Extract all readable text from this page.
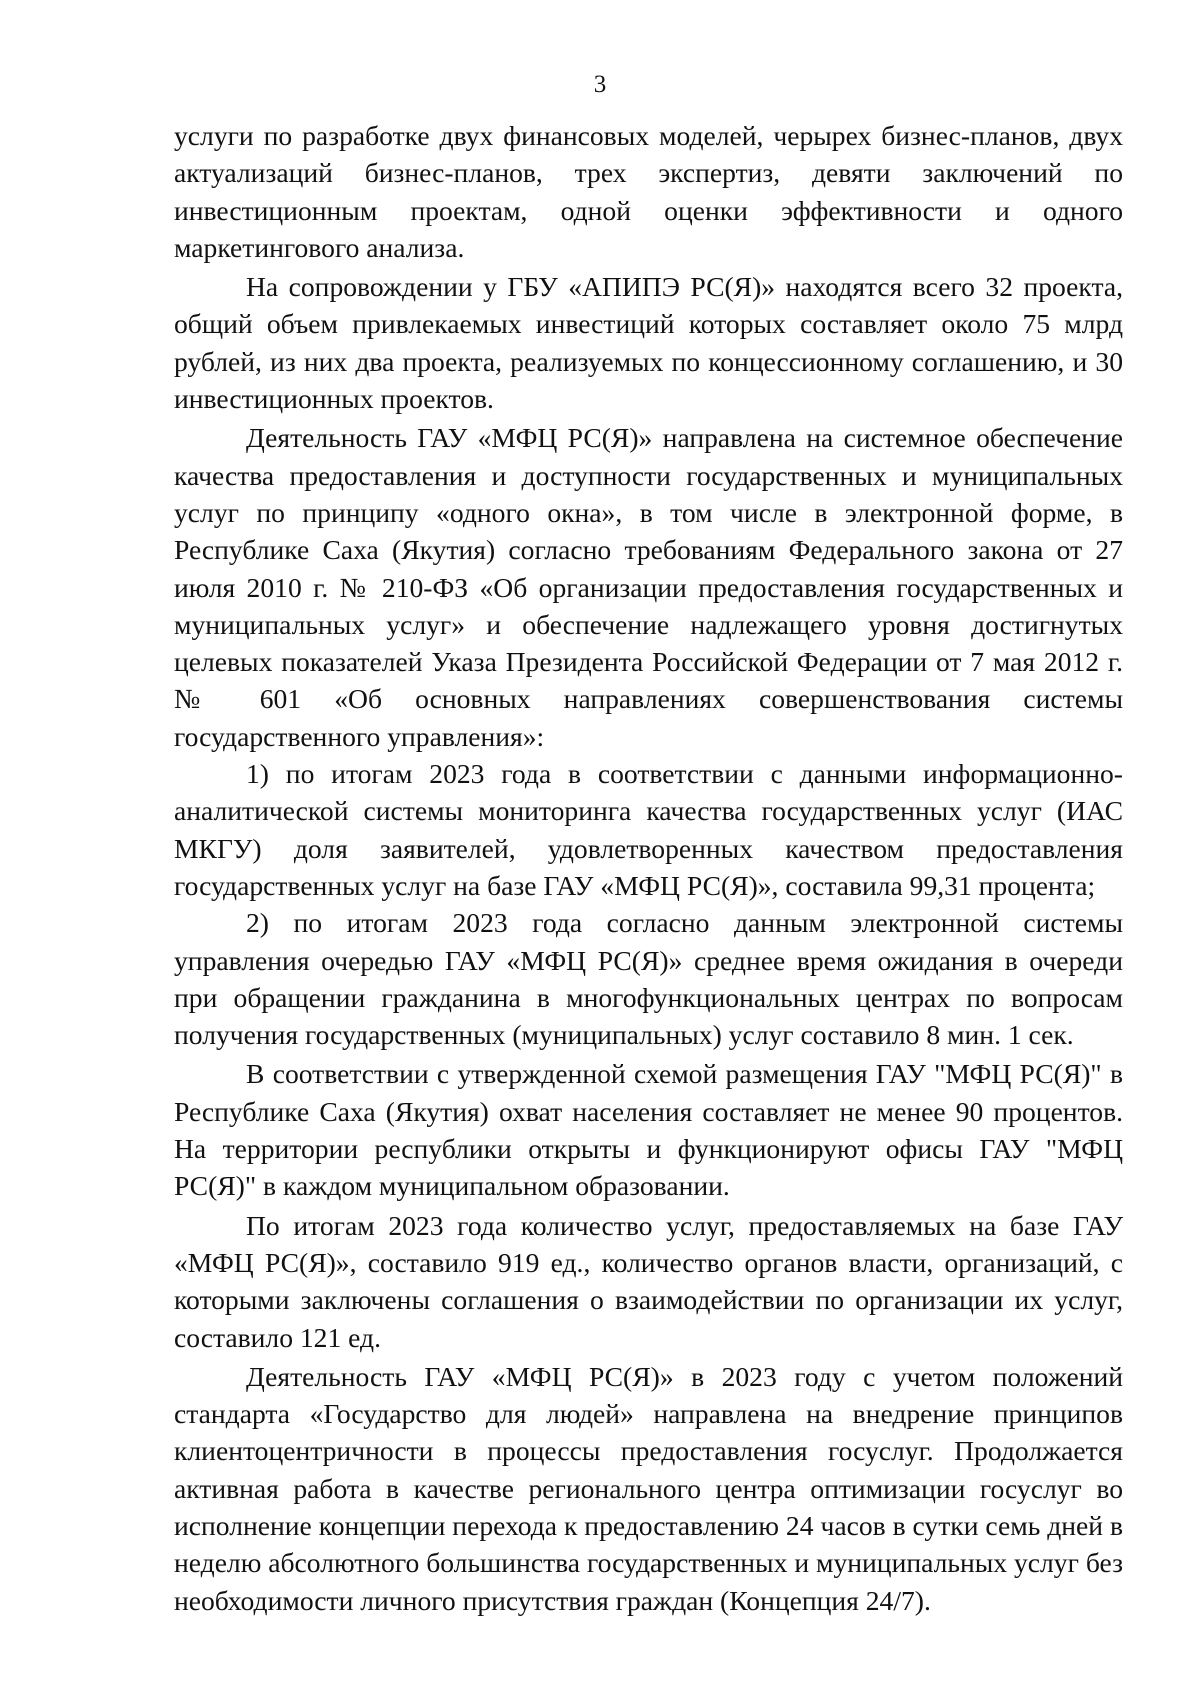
3

услуги по разработке двух финансовых моделей, черырех бизнес-планов, двух актуализаций бизнес-планов, трех экспертиз, девяти заключений по инвестиционным проектам, одной оценки эффективности и одного маркетингового анализа.

На сопровождении у ГБУ «АПИПЭ РС(Я)» находятся всего 32 проекта, общий объем привлекаемых инвестиций которых составляет около 75 млрд рублей, из них два проекта, реализуемых по концессионному соглашению, и 30 инвестиционных проектов.

Деятельность ГАУ «МФЦ РС(Я)» направлена на системное обеспечение качества предоставления и доступности государственных и муниципальных услуг по принципу «одного окна», в том числе в электронной форме, в Республике Саха (Якутия) согласно требованиям Федерального закона от 27 июля 2010 г. № 210-ФЗ «Об организации предоставления государственных и муниципальных услуг» и обеспечение надлежащего уровня достигнутых целевых показателей Указа Президента Российской Федерации от 7 мая 2012 г. № 601 «Об основных направлениях совершенствования системы государственного управления»:

1) по итогам 2023 года в соответствии с данными информационно-аналитической системы мониторинга качества государственных услуг (ИАС МКГУ) доля заявителей, удовлетворенных качеством предоставления государственных услуг на базе ГАУ «МФЦ РС(Я)», составила 99,31 процента;

2) по итогам 2023 года согласно данным электронной системы управления очередью ГАУ «МФЦ РС(Я)» среднее время ожидания в очереди при обращении гражданина в многофункциональных центрах по вопросам получения государственных (муниципальных) услуг составило 8 мин. 1 сек.

В соответствии с утвержденной схемой размещения ГАУ "МФЦ РС(Я)" в Республике Саха (Якутия) охват населения составляет не менее 90 процентов. На территории республики открыты и функционируют офисы ГАУ "МФЦ РС(Я)" в каждом муниципальном образовании.

По итогам 2023 года количество услуг, предоставляемых на базе ГАУ «МФЦ РС(Я)», составило 919 ед., количество органов власти, организаций, с которыми заключены соглашения о взаимодействии по организации их услуг, составило 121 ед.

Деятельность ГАУ «МФЦ РС(Я)» в 2023 году с учетом положений стандарта «Государство для людей» направлена на внедрение принципов клиентоцентричности в процессы предоставления госуслуг. Продолжается активная работа в качестве регионального центра оптимизации госуслуг во исполнение концепции перехода к предоставлению 24 часов в сутки семь дней в неделю абсолютного большинства государственных и муниципальных услуг без необходимости личного присутствия граждан (Концепция 24/7).
